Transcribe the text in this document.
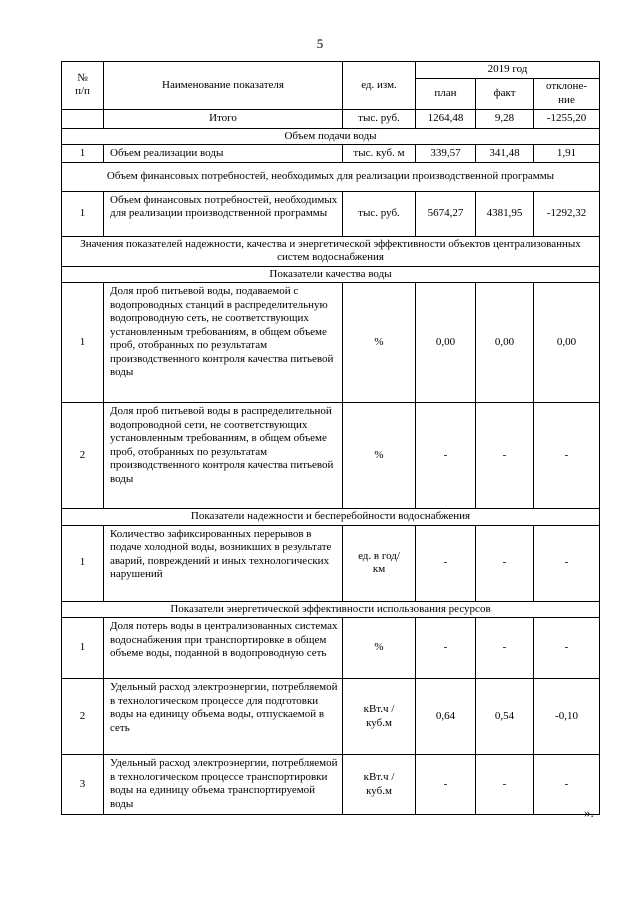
5
№
п/п	Наименование показателя	ед. изм.	2019 год		
			план	факт	отклоне-
ние
	Итого	тыс. руб.	1264,48	9,28	-1255,20
Объем подачи воды					
1	Объем реализации воды	тыс. куб. м	339,57	341,48	1,91
Объем финансовых потребностей, необходимых для реализации производственной программы					
1	Объем финансовых потребностей, необходимых для реализации производственной программы	тыс. руб.	5674,27	4381,95	-1292,32
Значения показателей надежности, качества и энергетической эффективности объектов централизованных систем водоснабжения					
Показатели качества воды					
1	Доля проб питьевой воды, подаваемой с водопроводных станций в распределительную водопроводную сеть, не соответствующих установленным требованиям, в общем объеме проб, отобранных по результатам производственного контроля качества питьевой воды	%	0,00	0,00	0,00
2	Доля проб питьевой воды в распределительной водопроводной сети, не соответствующих установленным требованиям, в общем объеме проб, отобранных по результатам производственного контроля качества питьевой воды	%	-	-	-
Показатели надежности и бесперебойности водоснабжения					
1	Количество зафиксированных перерывов в подаче холодной воды, возникших в результате аварий, повреждений и иных технологических нарушений	ед. в год/
км	-	-	-
Показатели энергетической эффективности использования ресурсов					
1	Доля потерь воды в централизованных системах водоснабжения при транспортировке в общем объеме воды, поданной в водопроводную сеть	%	-	-	-
2	Удельный расход электроэнергии, потребляемой в технологическом процессе для подготовки воды на единицу объема воды, отпускаемой в сеть	кВт.ч /
куб.м	0,64	0,54	-0,10
3	Удельный расход электроэнергии, потребляемой в технологическом процессе транспортировки воды на единицу объема транспортируемой воды	кВт.ч /
куб.м	-	-	-
».
